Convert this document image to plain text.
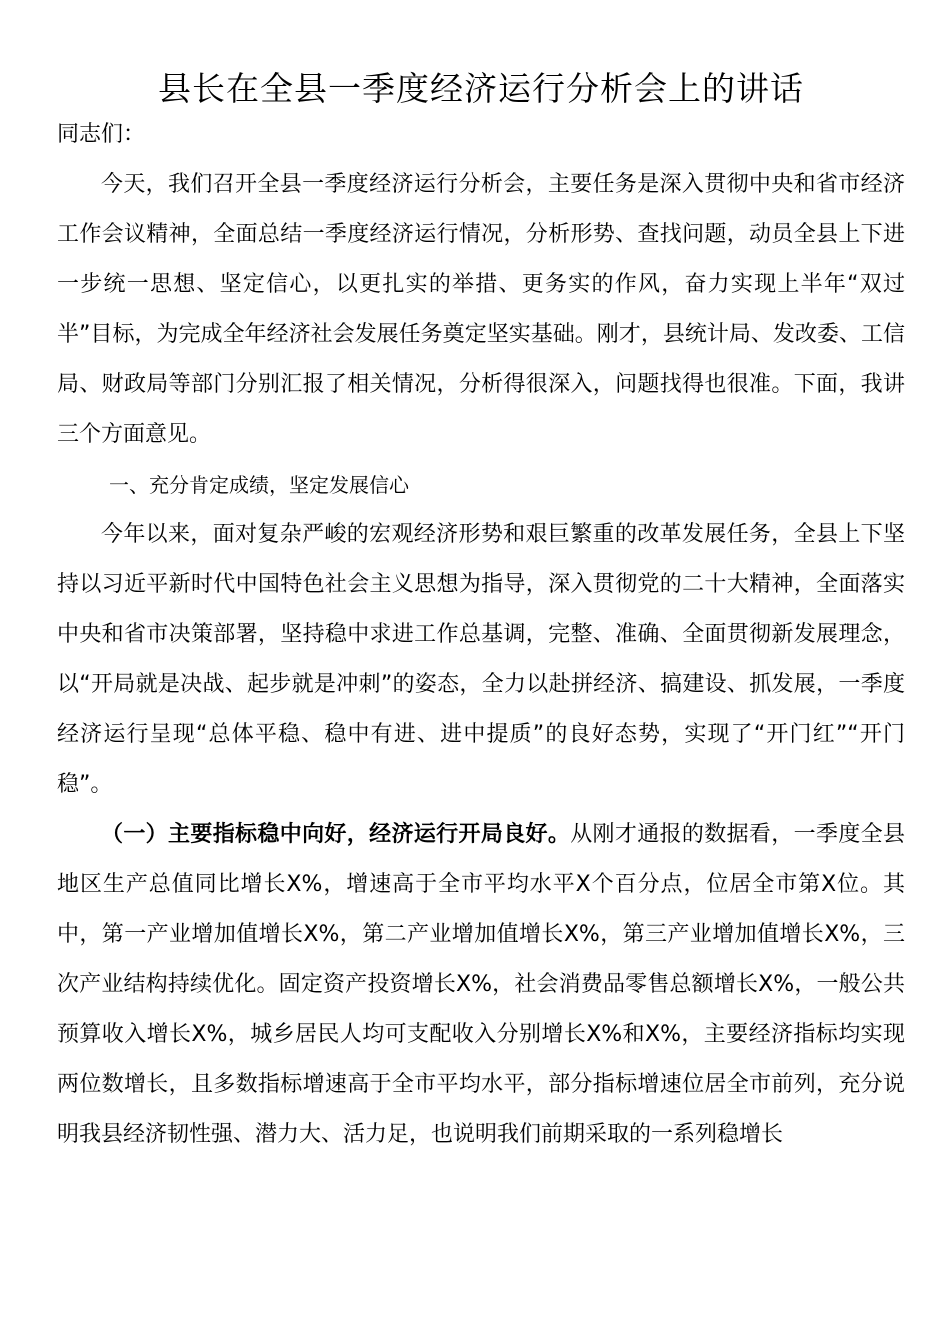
县长在全县一季度经济运行分析会上的讲话

同志们：

今天，我们召开全县一季度经济运行分析会，主要任务是深入贯彻中央和省市经济工作会议精神，全面总结一季度经济运行情况，分析形势、查找问题，动员全县上下进一步统一思想、坚定信心，以更扎实的举措、更务实的作风，奋力实现上半年“双过半”目标，为完成全年经济社会发展任务奠定坚实基础。刚才，县统计局、发改委、工信局、财政局等部门分别汇报了相关情况，分析得很深入，问题找得也很准。下面，我讲三个方面意见。

一、充分肯定成绩，坚定发展信心

今年以来，面对复杂严峻的宏观经济形势和艰巨繁重的改革发展任务，全县上下坚持以习近平新时代中国特色社会主义思想为指导，深入贯彻党的二十大精神，全面落实中央和省市决策部署，坚持稳中求进工作总基调，完整、准确、全面贯彻新发展理念，以“开局就是决战、起步就是冲刺”的姿态，全力以赴拼经济、搞建设、抓发展，一季度经济运行呈现“总体平稳、稳中有进、进中提质”的良好态势，实现了“开门红”“开门稳”。

（一）主要指标稳中向好，经济运行开局良好。从刚才通报的数据看，一季度全县地区生产总值同比增长X%，增速高于全市平均水平X个百分点，位居全市第X位。其中，第一产业增加值增长X%，第二产业增加值增长X%，第三产业增加值增长X%，三次产业结构持续优化。固定资产投资增长X%，社会消费品零售总额增长X%，一般公共预算收入增长X%，城乡居民人均可支配收入分别增长X%和X%，主要经济指标均实现两位数增长，且多数指标增速高于全市平均水平，部分指标增速位居全市前列，充分说明我县经济韧性强、潜力大、活力足，也说明我们前期采取的一系列稳增长
